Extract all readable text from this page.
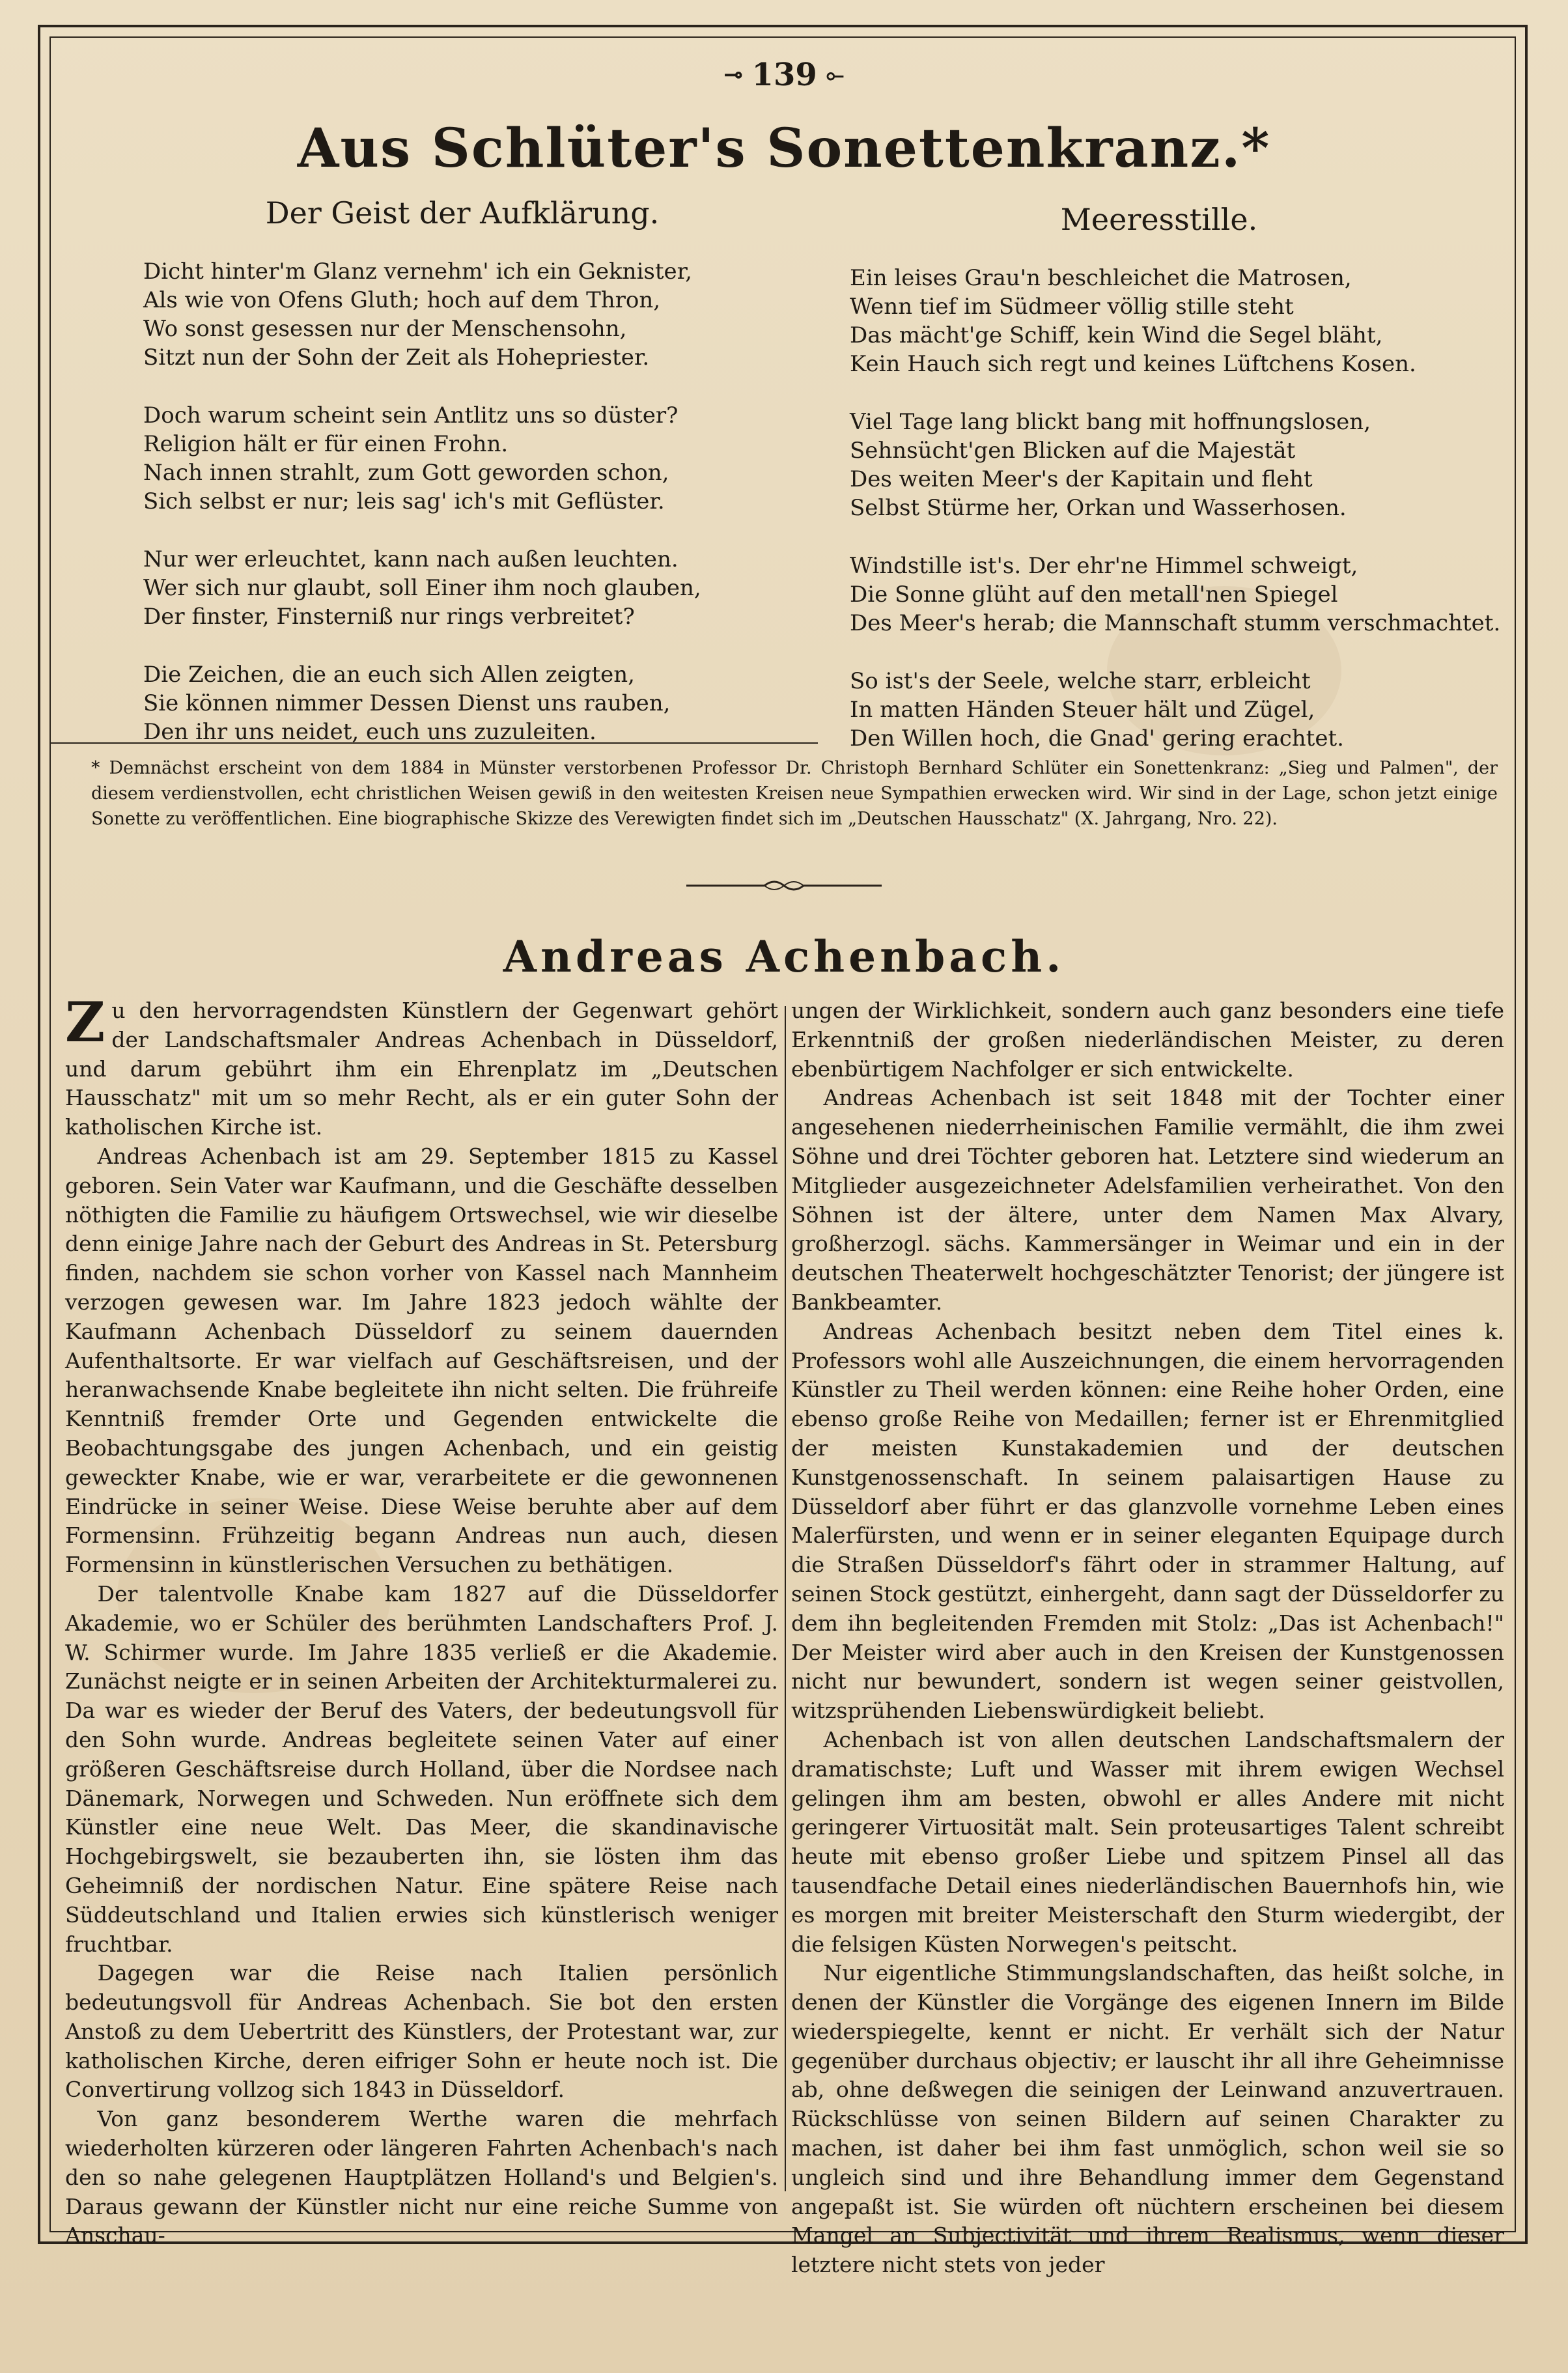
⊸ 139 ⟜
Aus Schlüter's Sonettenkranz.*
Der Geist der Aufklärung.	Meeresstille.
Dicht hinter'm Glanz vernehm' ich ein Geknister,
Als wie von Ofens Gluth; hoch auf dem Thron,
Wo sonst gesessen nur der Menschensohn,
Sitzt nun der Sohn der Zeit als Hohepriester.
Doch warum scheint sein Antlitz uns so düster?
Religion hält er für einen Frohn.
Nach innen strahlt, zum Gott geworden schon,
Sich selbst er nur; leis sag' ich's mit Geflüster.
Nur wer erleuchtet, kann nach außen leuchten.
Wer sich nur glaubt, soll Einer ihm noch glauben,
Der finster, Finsterniß nur rings verbreitet?
Die Zeichen, die an euch sich Allen zeigten,
Sie können nimmer Dessen Dienst uns rauben,
Den ihr uns neidet, euch uns zuzuleiten.
Ein leises Grau'n beschleichet die Matrosen,
Wenn tief im Südmeer völlig stille steht
Das mächt'ge Schiff, kein Wind die Segel bläht,
Kein Hauch sich regt und keines Lüftchens Kosen.
Viel Tage lang blickt bang mit hoffnungslosen,
Sehnsücht'gen Blicken auf die Majestät
Des weiten Meer's der Kapitain und fleht
Selbst Stürme her, Orkan und Wasserhosen.
Windstille ist's. Der ehr'ne Himmel schweigt,
Die Sonne glüht auf den metall'nen Spiegel
Des Meer's herab; die Mannschaft stumm verschmachtet.
So ist's der Seele, welche starr, erbleicht
In matten Händen Steuer hält und Zügel,
Den Willen hoch, die Gnad' gering erachtet.
* Demnächst erscheint von dem 1884 in Münster verstorbenen Professor Dr. Christoph Bernhard Schlüter ein Sonettenkranz: „Sieg und Palmen", der diesem verdienstvollen, echt christlichen Weisen gewiß in den weitesten Kreisen neue Sympathien erwecken wird. Wir sind in der Lage, schon jetzt einige Sonette zu veröffentlichen. Eine biographische Skizze des Verewigten findet sich im „Deutschen Hausschatz" (X. Jahrgang, Nro. 22).
Andreas Achenbach.

Zu den hervorragendsten Künstlern der Gegenwart gehört der Landschaftsmaler Andreas Achenbach in Düsseldorf, und darum gebührt ihm ein Ehrenplatz im „Deutschen Hausschatz" mit um so mehr Recht, als er ein guter Sohn der katholischen Kirche ist.

Andreas Achenbach ist am 29. September 1815 zu Kassel geboren. Sein Vater war Kaufmann, und die Geschäfte desselben nöthigten die Familie zu häufigem Ortswechsel, wie wir dieselbe denn einige Jahre nach der Geburt des Andreas in St. Petersburg finden, nachdem sie schon vorher von Kassel nach Mannheim verzogen gewesen war. Im Jahre 1823 jedoch wählte der Kaufmann Achenbach Düsseldorf zu seinem dauernden Aufenthaltsorte. Er war vielfach auf Geschäftsreisen, und der heranwachsende Knabe begleitete ihn nicht selten. Die frühreife Kenntniß fremder Orte und Gegenden entwickelte die Beobachtungsgabe des jungen Achenbach, und ein geistig geweckter Knabe, wie er war, verarbeitete er die gewonnenen Eindrücke in seiner Weise. Diese Weise beruhte aber auf dem Formensinn. Frühzeitig begann Andreas nun auch, diesen Formensinn in künstlerischen Versuchen zu bethätigen.

Der talentvolle Knabe kam 1827 auf die Düsseldorfer Akademie, wo er Schüler des berühmten Landschafters Prof. J. W. Schirmer wurde. Im Jahre 1835 verließ er die Akademie. Zunächst neigte er in seinen Arbeiten der Architekturmalerei zu. Da war es wieder der Beruf des Vaters, der bedeutungsvoll für den Sohn wurde. Andreas begleitete seinen Vater auf einer größeren Geschäftsreise durch Holland, über die Nordsee nach Dänemark, Norwegen und Schweden. Nun eröffnete sich dem Künstler eine neue Welt. Das Meer, die skandinavische Hochgebirgswelt, sie bezauberten ihn, sie lösten ihm das Geheimniß der nordischen Natur. Eine spätere Reise nach Süddeutschland und Italien erwies sich künstlerisch weniger fruchtbar.

Dagegen war die Reise nach Italien persönlich bedeutungsvoll für Andreas Achenbach. Sie bot den ersten Anstoß zu dem Uebertritt des Künstlers, der Protestant war, zur katholischen Kirche, deren eifriger Sohn er heute noch ist. Die Convertirung vollzog sich 1843 in Düsseldorf.

Von ganz besonderem Werthe waren die mehrfach wiederholten kürzeren oder längeren Fahrten Achenbach's nach den so nahe gelegenen Hauptplätzen Holland's und Belgien's. Daraus gewann der Künstler nicht nur eine reiche Summe von Anschau-

ungen der Wirklichkeit, sondern auch ganz besonders eine tiefe Erkenntniß der großen niederländischen Meister, zu deren ebenbürtigem Nachfolger er sich entwickelte.

Andreas Achenbach ist seit 1848 mit der Tochter einer angesehenen niederrheinischen Familie vermählt, die ihm zwei Söhne und drei Töchter geboren hat. Letztere sind wiederum an Mitglieder ausgezeichneter Adelsfamilien verheirathet. Von den Söhnen ist der ältere, unter dem Namen Max Alvary, großherzogl. sächs. Kammersänger in Weimar und ein in der deutschen Theaterwelt hochgeschätzter Tenorist; der jüngere ist Bankbeamter.

Andreas Achenbach besitzt neben dem Titel eines k. Professors wohl alle Auszeichnungen, die einem hervorragenden Künstler zu Theil werden können: eine Reihe hoher Orden, eine ebenso große Reihe von Medaillen; ferner ist er Ehrenmitglied der meisten Kunstakademien und der deutschen Kunstgenossenschaft. In seinem palaisartigen Hause zu Düsseldorf aber führt er das glanzvolle vornehme Leben eines Malerfürsten, und wenn er in seiner eleganten Equipage durch die Straßen Düsseldorf's fährt oder in strammer Haltung, auf seinen Stock gestützt, einhergeht, dann sagt der Düsseldorfer zu dem ihn begleitenden Fremden mit Stolz: „Das ist Achenbach!" Der Meister wird aber auch in den Kreisen der Kunstgenossen nicht nur bewundert, sondern ist wegen seiner geistvollen, witzsprühenden Liebenswürdigkeit beliebt.

Achenbach ist von allen deutschen Landschaftsmalern der dramatischste; Luft und Wasser mit ihrem ewigen Wechsel gelingen ihm am besten, obwohl er alles Andere mit nicht geringerer Virtuosität malt. Sein proteusartiges Talent schreibt heute mit ebenso großer Liebe und spitzem Pinsel all das tausendfache Detail eines niederländischen Bauernhofs hin, wie es morgen mit breiter Meisterschaft den Sturm wiedergibt, der die felsigen Küsten Norwegen's peitscht.

Nur eigentliche Stimmungslandschaften, das heißt solche, in denen der Künstler die Vorgänge des eigenen Innern im Bilde wiederspiegelte, kennt er nicht. Er verhält sich der Natur gegenüber durchaus objectiv; er lauscht ihr all ihre Geheimnisse ab, ohne deßwegen die seinigen der Leinwand anzuvertrauen. Rückschlüsse von seinen Bildern auf seinen Charakter zu machen, ist daher bei ihm fast unmöglich, schon weil sie so ungleich sind und ihre Behandlung immer dem Gegenstand angepaßt ist. Sie würden oft nüchtern erscheinen bei diesem Mangel an Subjectivität und ihrem Realismus, wenn dieser letztere nicht stets von jeder
